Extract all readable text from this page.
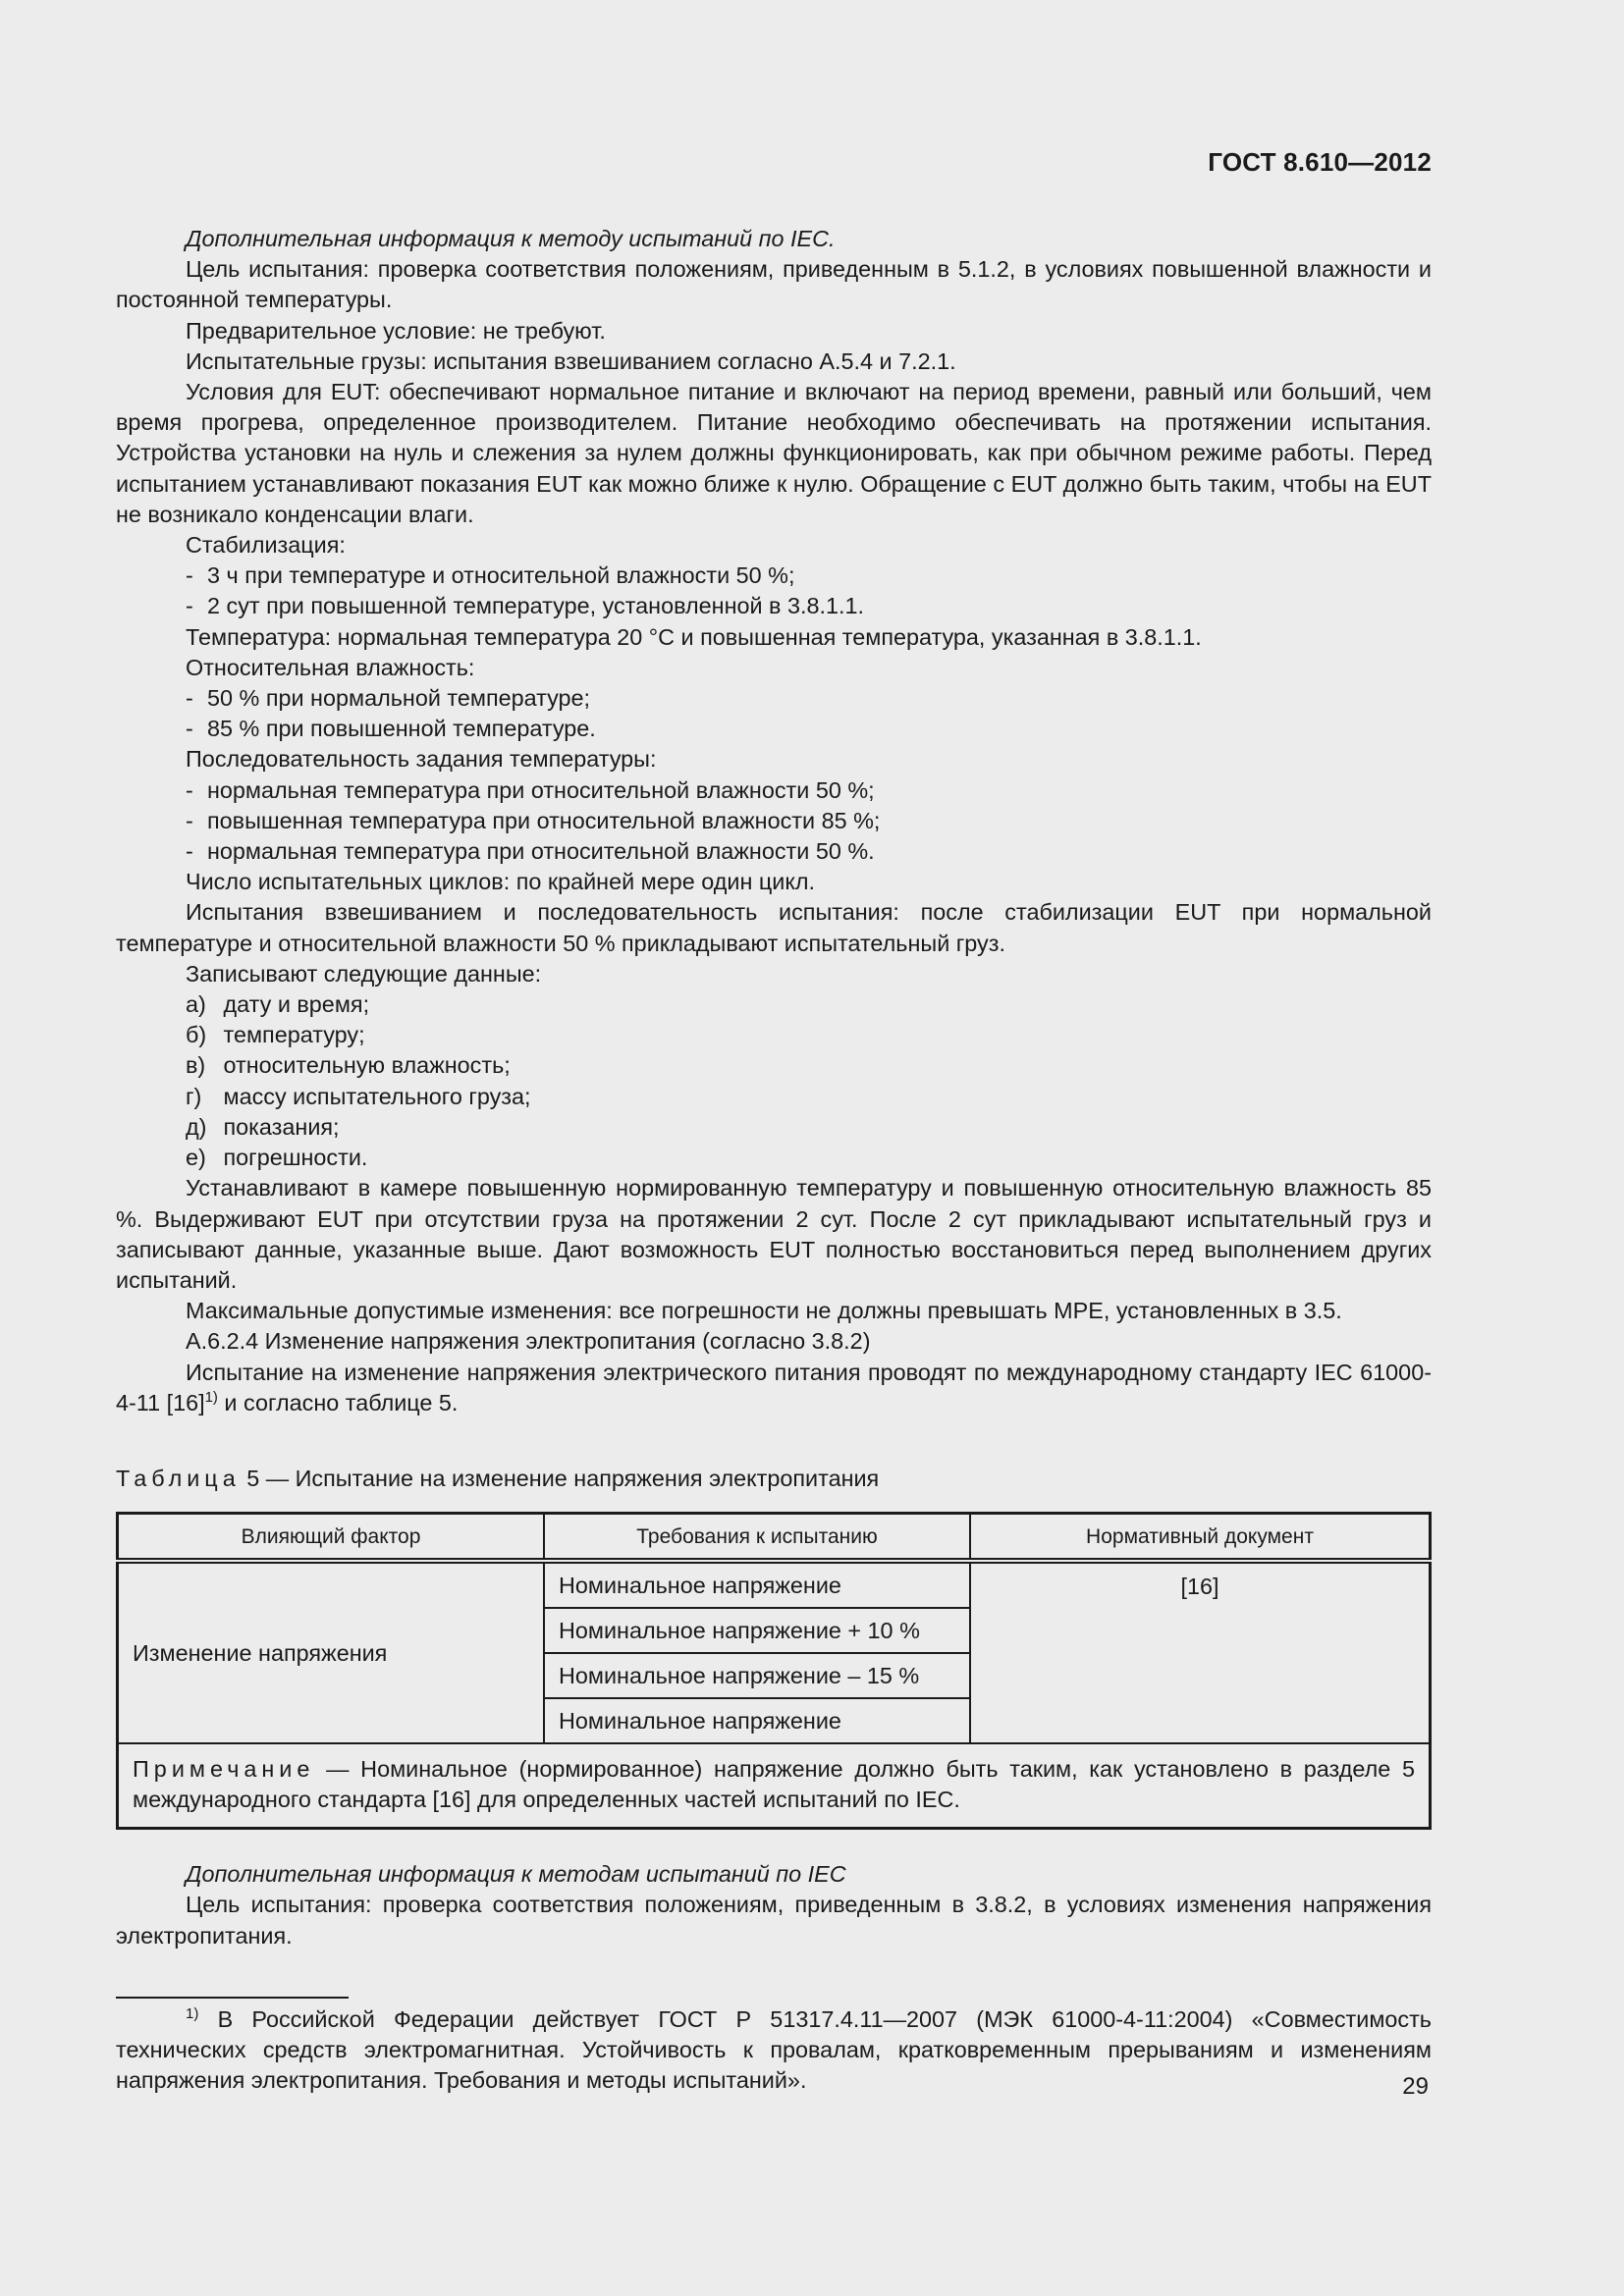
ГОСТ 8.610—2012

Дополнительная информация к методу испытаний по IEC.

Цель испытания: проверка соответствия положениям, приведенным в 5.1.2, в условиях повышенной влажности и постоянной температуры.

Предварительное условие: не требуют.

Испытательные грузы: испытания взвешиванием согласно А.5.4 и 7.2.1.

Условия для EUT: обеспечивают нормальное питание и включают на период времени, равный или больший, чем время прогрева, определенное производителем. Питание необходимо обеспечивать на протяжении испытания. Устройства установки на нуль и слежения за нулем должны функционировать, как при обычном режиме работы. Перед испытанием устанавливают показания EUT как можно ближе к нулю. Обращение с EUT должно быть таким, чтобы на EUT не возникало конденсации влаги.

Стабилизация:

- 3 ч при температуре и относительной влажности 50 %;

- 2 сут при повышенной температуре, установленной в 3.8.1.1.

Температура: нормальная температура 20 °С и повышенная температура, указанная в 3.8.1.1.

Относительная влажность:

- 50 % при нормальной температуре;

- 85 % при повышенной температуре.

Последовательность задания температуры:

- нормальная температура при относительной влажности 50 %;

- повышенная температура при относительной влажности 85 %;

- нормальная температура при относительной влажности 50 %.

Число испытательных циклов: по крайней мере один цикл.

Испытания взвешиванием и последовательность испытания: после стабилизации EUT при нормальной температуре и относительной влажности 50 % прикладывают испытательный груз.

Записывают следующие данные:

а) дату и время;

б) температуру;

в) относительную влажность;

г) массу испытательного груза;

д) показания;

е) погрешности.

Устанавливают в камере повышенную нормированную температуру и повышенную относительную влажность 85 %. Выдерживают EUT при отсутствии груза на протяжении 2 сут. После 2 сут прикладывают испытательный груз и записывают данные, указанные выше. Дают возможность EUT полностью восстановиться перед выполнением других испытаний.

Максимальные допустимые изменения: все погрешности не должны превышать МРЕ, установленных в 3.5.

А.6.2.4 Изменение напряжения электропитания (согласно 3.8.2)

Испытание на изменение напряжения электрического питания проводят по международному стандарту IEC 61000-4-11 $[16]^{1)}$ и согласно таблице 5.

Таблица 5 — Испытание на изменение напряжения электропитания

Влияющий фактор	Требования к испытанию	Нормативный документ
Изменение напряжения	Номинальное напряжение	[16]
	Номинальное напряжение + 10 %	
	Номинальное напряжение – 15 %	
	Номинальное напряжение	
Примечание — Номинальное (нормированное) напряжение должно быть таким, как установлено в разделе 5 международного стандарта [16] для определенных частей испытаний по IEC.		

Дополнительная информация к методам испытаний по IEC

Цель испытания: проверка соответствия положениям, приведенным в 3.8.2, в условиях изменения напряжения электропитания.

$^{1)}$ В Российской Федерации действует ГОСТ Р 51317.4.11—2007 (МЭК 61000-4-11:2004) «Совместимость технических средств электромагнитная. Устойчивость к провалам, кратковременным прерываниям и изменениям напряжения электропитания. Требования и методы испытаний».	29
